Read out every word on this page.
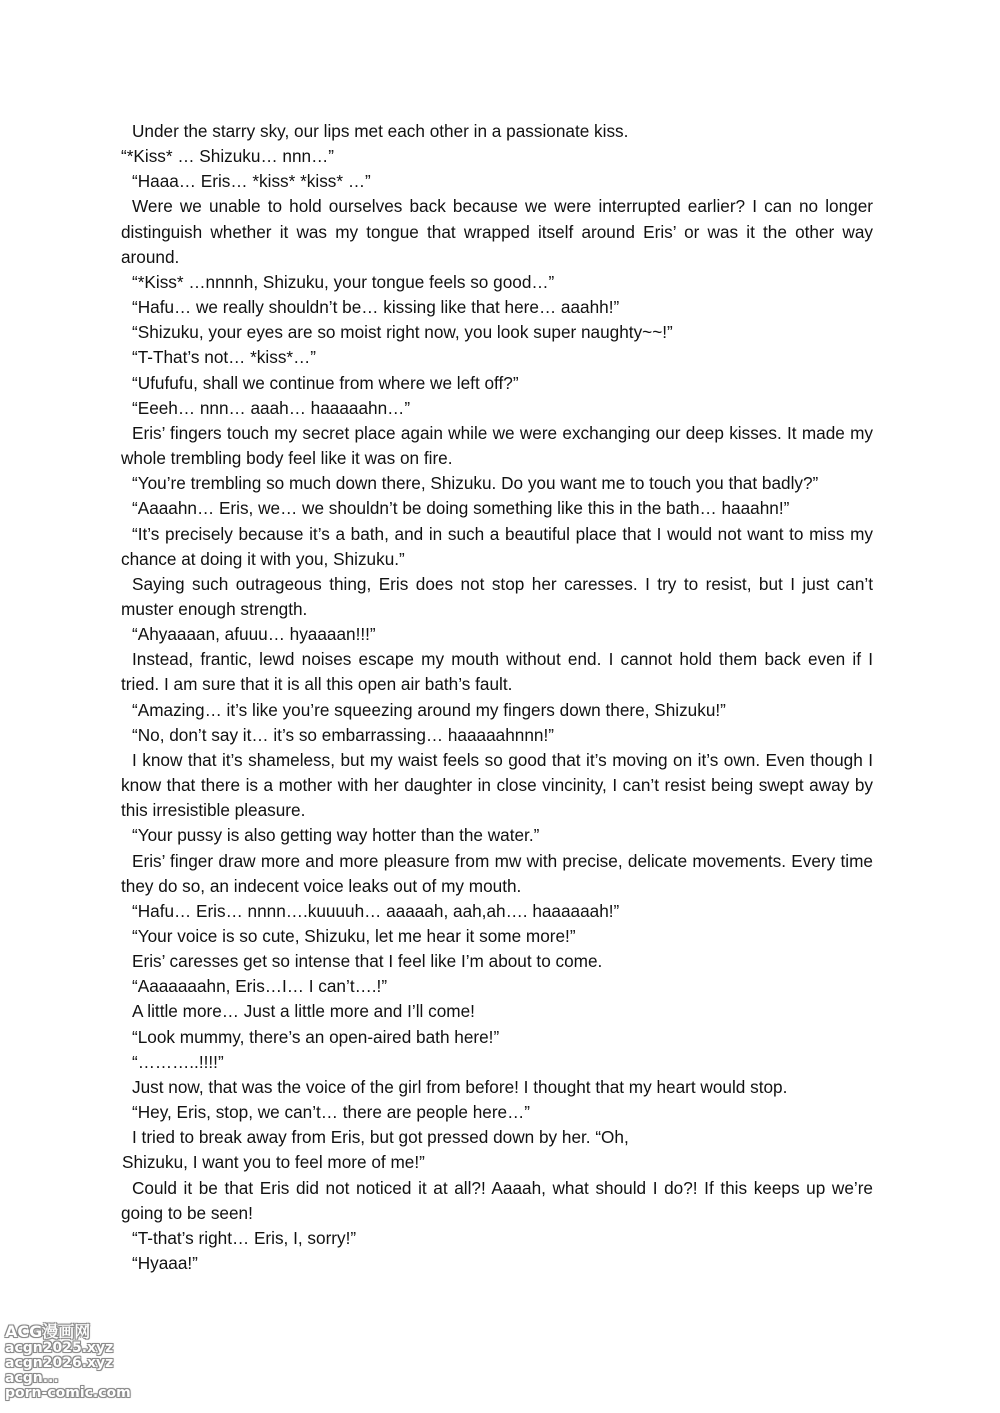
Under the starry sky, our lips met each other in a passionate kiss.

“*Kiss* … Shizuku… nnn…”

“Haaa… Eris… *kiss* *kiss* …”

Were we unable to hold ourselves back because we were interrupted earlier? I can no longer distinguish whether it was my tongue that wrapped itself around Eris’ or was it the other way around.

“*Kiss* …nnnnh, Shizuku, your tongue feels so good…”

“Hafu… we really shouldn’t be… kissing like that here… aaahh!”

“Shizuku, your eyes are so moist right now, you look super naughty~~!”

“T-That’s not… *kiss*…”

“Ufufufu, shall we continue from where we left off?”

“Eeeh… nnn… aaah… haaaaahn…”

Eris’ fingers touch my secret place again while we were exchanging our deep kisses. It made my whole trembling body feel like it was on fire.

“You’re trembling so much down there, Shizuku. Do you want me to touch you that badly?”

“Aaaahn… Eris, we… we shouldn’t be doing something like this in the bath… haaahn!”

“It’s precisely because it’s a bath, and in such a beautiful place that I would not want to miss my chance at doing it with you, Shizuku.”

Saying such outrageous thing, Eris does not stop her caresses. I try to resist, but I just can’t muster enough strength.

“Ahyaaaan, afuuu… hyaaaan!!!”

Instead, frantic, lewd noises escape my mouth without end. I cannot hold them back even if I tried. I am sure that it is all this open air bath’s fault.

“Amazing… it’s like you’re squeezing around my fingers down there, Shizuku!”

“No, don’t say it… it’s so embarrassing… haaaaahnnn!”

I know that it’s shameless, but my waist feels so good that it’s moving on it’s own. Even though I know that there is a mother with her daughter in close vincinity, I can’t resist being swept away by this irresistible pleasure.

“Your pussy is also getting way hotter than the water.”

Eris’ finger draw more and more pleasure from mw with precise, delicate movements. Every time they do so, an indecent voice leaks out of my mouth.

“Hafu… Eris… nnnn….kuuuuh… aaaaah, aah,ah…. haaaaaah!”

“Your voice is so cute, Shizuku, let me hear it some more!”

Eris’ caresses get so intense that I feel like I’m about to come.

“Aaaaaaahn, Eris…I… I can’t….!”

A little more… Just a little more and I’ll come!

“Look mummy, there’s an open-aired bath here!”

“………..!!!!”

Just now, that was the voice of the girl from before! I thought that my heart would stop.

“Hey, Eris, stop, we can’t… there are people here…”

I tried to break away from Eris, but got pressed down by her. “Oh,

Shizuku, I want you to feel more of me!”

Could it be that Eris did not noticed it at all?! Aaaah, what should I do?! If this keeps up we’re going to be seen!

“T-that’s right… Eris, I, sorry!”

“Hyaaa!”

ACG漫画网
acgn2025.xyz
acgn2026.xyz
acgn...
porn-comic.com
